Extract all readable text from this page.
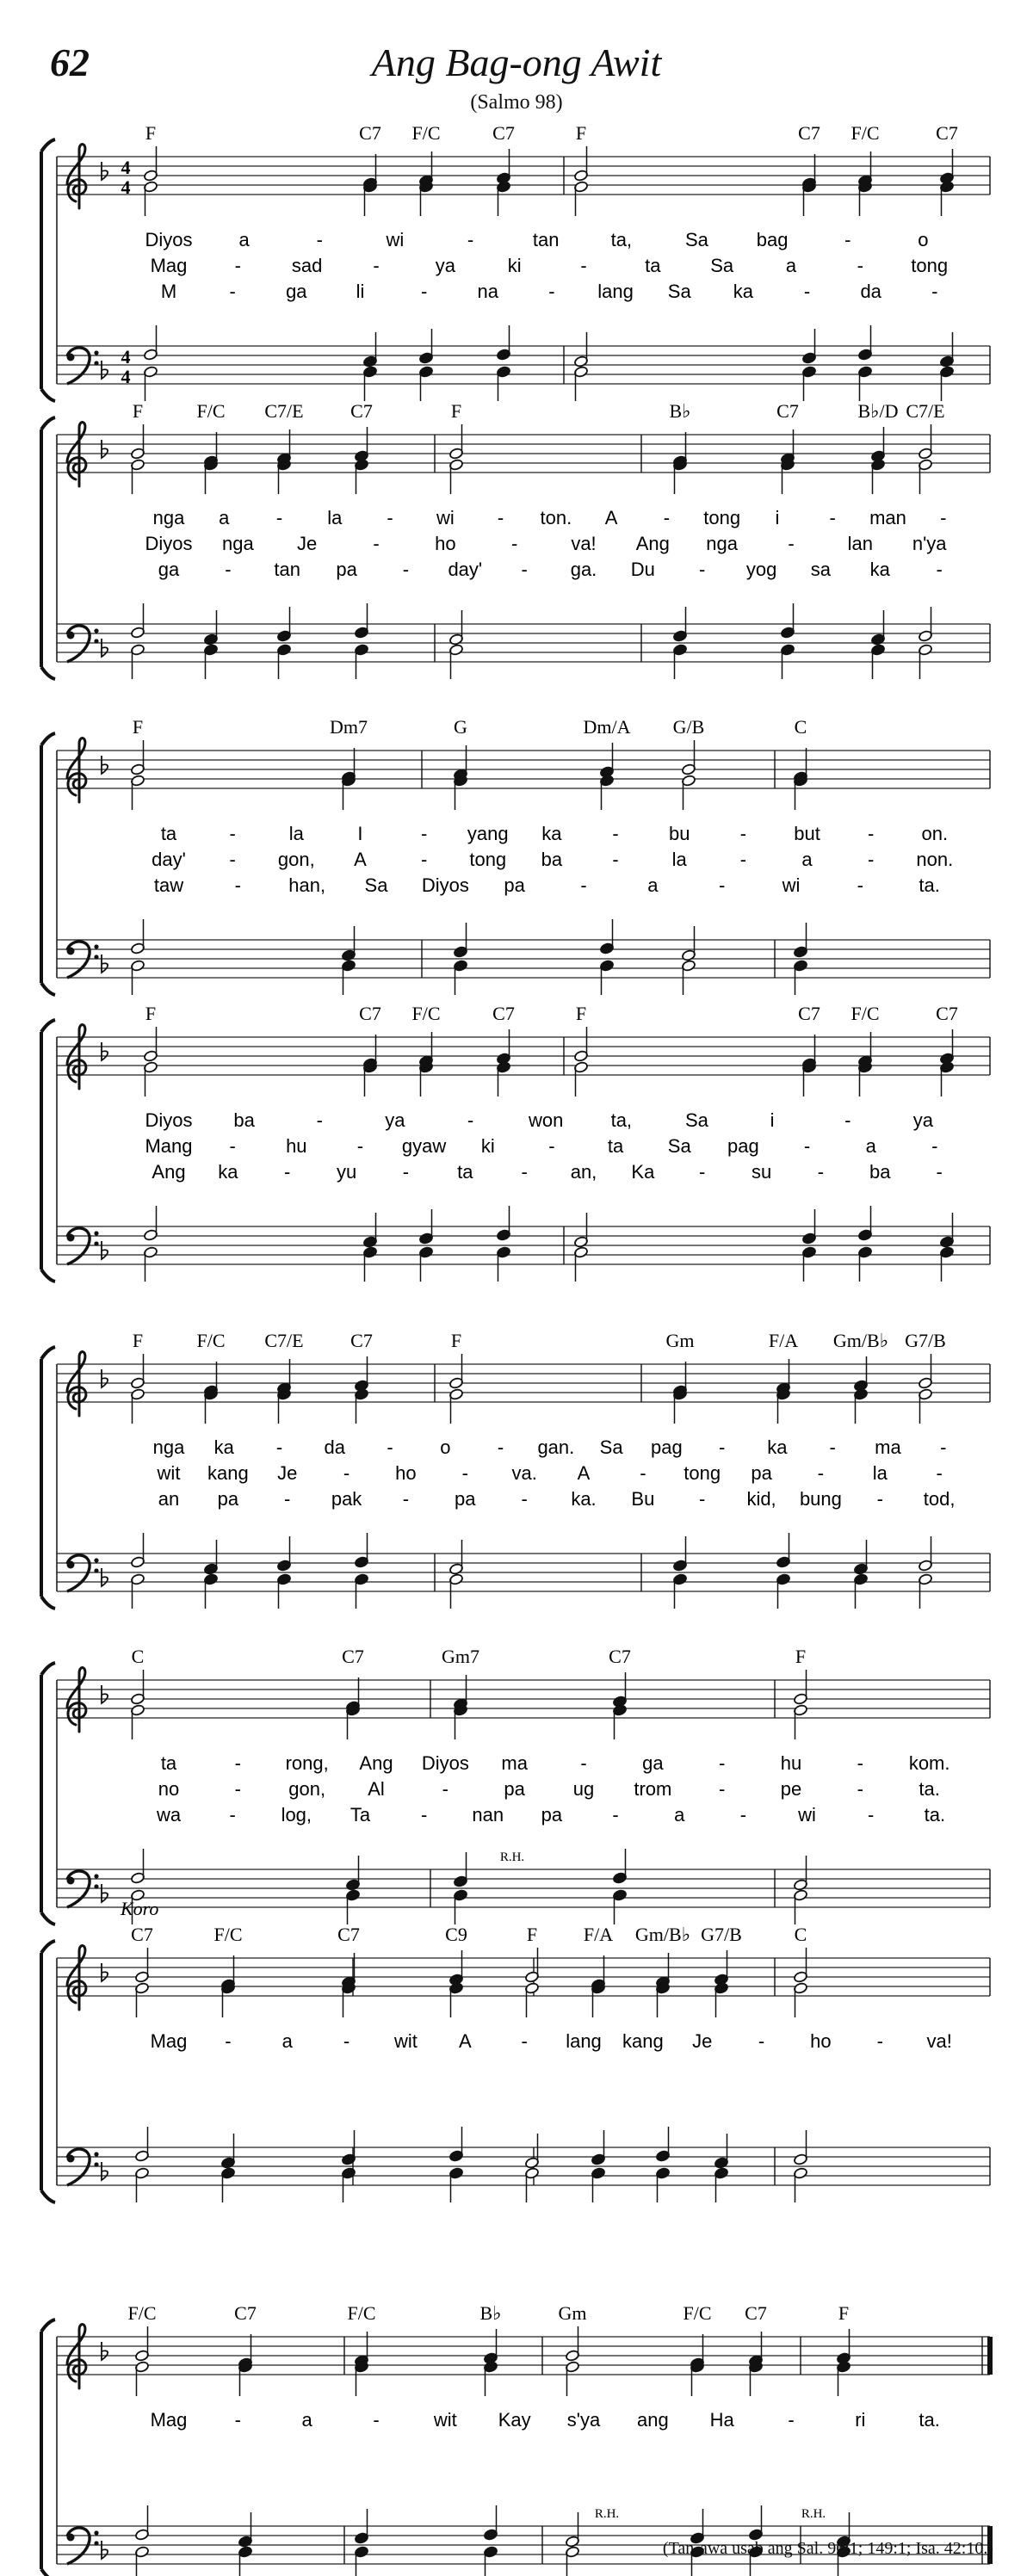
62	Ang Bag-ong Awit
(Salmo 98)
4
4
4
4
F	C7 F/C	C7	F	C7 F/C	C7
Diyos a	-	wi	-	tan	ta,	Sa	bag	-	o
Mag	-	sad	-	ya	ki	-	ta	Sa	a	-	tong
M	-	ga	li	-	na	- lang Sa ka	-	da	-
F	F/C C7/E C7	F	B♭	C7	B♭/D C7/E
nga a - la - wi - ton. A - tong i	- man -
Diyos nga Je	-	ho	-	va! Ang nga	-	lan n'ya
ga - tan pa - day' - ga. Du - yog sa ka -
F	Dm7	G	Dm/A G/B	C
ta	-	la	I	- yang ka	-	bu	-	but	-	on.
day' - gon, A	- tong ba	-	la	-	a	- non.
taw	-	han, Sa Diyos pa	-	a	-	wi	-	ta.
F	C7 F/C	C7	F	C7 F/C	C7
Diyos ba	-	ya	-	won	ta,	Sa	i	-	ya
Mang -	hu	- gyaw ki	-	ta Sa pag -	a	-
Ang ka - yu -	ta	- an, Ka - su - ba -
F	F/C C7/E C7	F	Gm	F/A Gm/B♭ G7/B
nga ka - da - o - gan. Sa pag - ka - ma -
wit kang Je - ho - va. A	- tong pa -	la	-
an pa - pak - pa - ka. Bu - kid, bung - tod,
C	C7	Gm7	C7	F
R.H.
ta	- rong, Ang Diyos ma	-	ga	-	hu	- kom.
no	-	gon, Al	-	pa	ug trom -	pe	-	ta.
wa	- log, Ta	- nan pa	-	a	-	wi	-	ta.
C7	F/C	C7	C9	F F/A Gm/B♭ G7/B	C
Koro
Mag -	a	- wit A	- lang kang Je - ho - va!
F/C	C7	F/C	B♭	Gm	F/C C7	F
R.H.	R.H.
Mag	-	a	-	wit Kay s'ya ang Ha	-	ri	ta.
(Tan-awa usab ang Sal. 96:1; 149:1; Isa. 42:10.)
